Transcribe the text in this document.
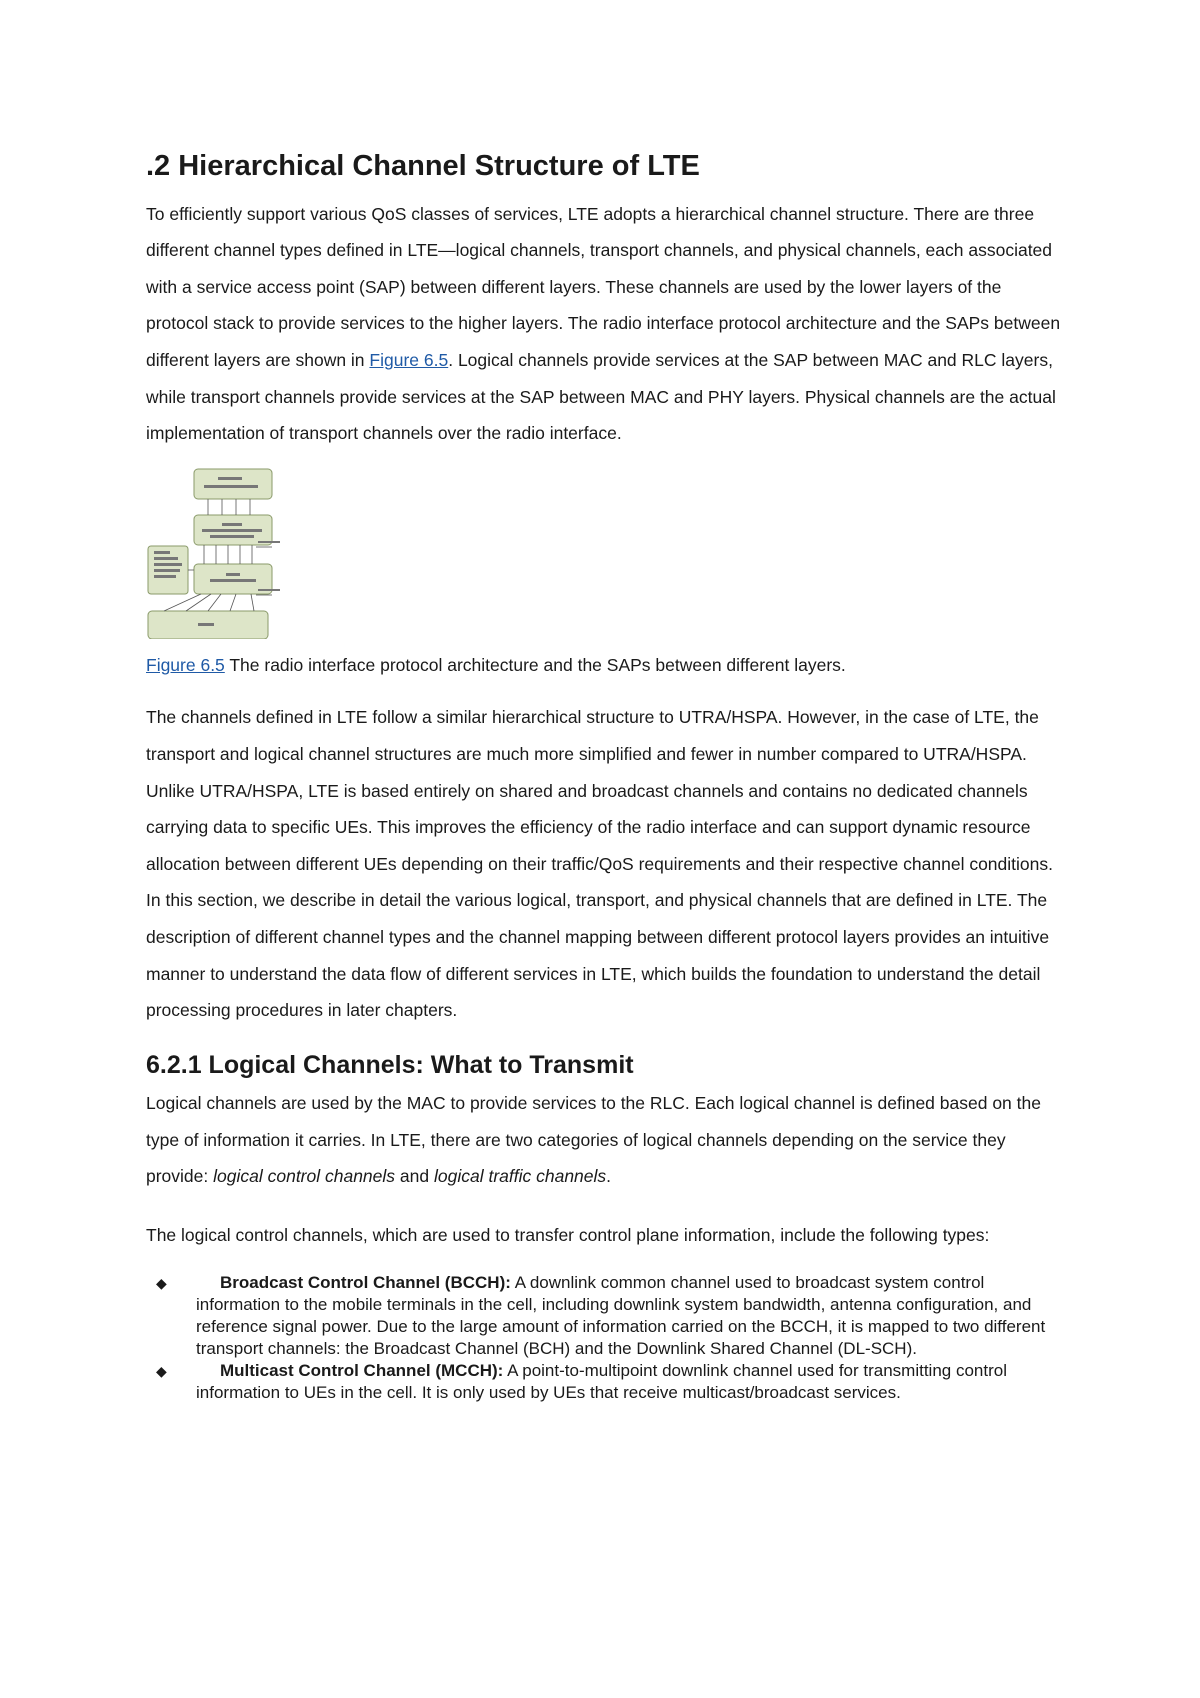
.2 Hierarchical Channel Structure of LTE

To efficiently support various QoS classes of services, LTE adopts a hierarchical channel structure. There are three different channel types defined in LTE—logical channels, transport channels, and physical channels, each associated with a service access point (SAP) between different layers. These channels are used by the lower layers of the protocol stack to provide services to the higher layers. The radio interface protocol architecture and the SAPs between different layers are shown in Figure 6.5. Logical channels provide services at the SAP between MAC and RLC layers, while transport channels provide services at the SAP between MAC and PHY layers. Physical channels are the actual implementation of transport channels over the radio interface.

Figure 6.5 The radio interface protocol architecture and the SAPs between different layers.

The channels defined in LTE follow a similar hierarchical structure to UTRA/HSPA. However, in the case of LTE, the transport and logical channel structures are much more simplified and fewer in number compared to UTRA/HSPA. Unlike UTRA/HSPA, LTE is based entirely on shared and broadcast channels and contains no dedicated channels carrying data to specific UEs. This improves the efficiency of the radio interface and can support dynamic resource allocation between different UEs depending on their traffic/QoS requirements and their respective channel conditions. In this section, we describe in detail the various logical, transport, and physical channels that are defined in LTE. The description of different channel types and the channel mapping between different protocol layers provides an intuitive manner to understand the data flow of different services in LTE, which builds the foundation to understand the detail processing procedures in later chapters.

6.2.1 Logical Channels: What to Transmit

Logical channels are used by the MAC to provide services to the RLC. Each logical channel is defined based on the type of information it carries. In LTE, there are two categories of logical channels depending on the service they provide: logical control channels and logical traffic channels.

The logical control channels, which are used to transfer control plane information, include the following types:

◆	Broadcast Control Channel (BCCH): A downlink common channel used to broadcast system control information to the mobile terminals in the cell, including downlink system bandwidth, antenna configuration, and reference signal power. Due to the large amount of information carried on the BCCH, it is mapped to two different transport channels: the Broadcast Channel (BCH) and the Downlink Shared Channel (DL-SCH).
◆	Multicast Control Channel (MCCH): A point-to-multipoint downlink channel used for transmitting control information to UEs in the cell. It is only used by UEs that receive multicast/broadcast services.
